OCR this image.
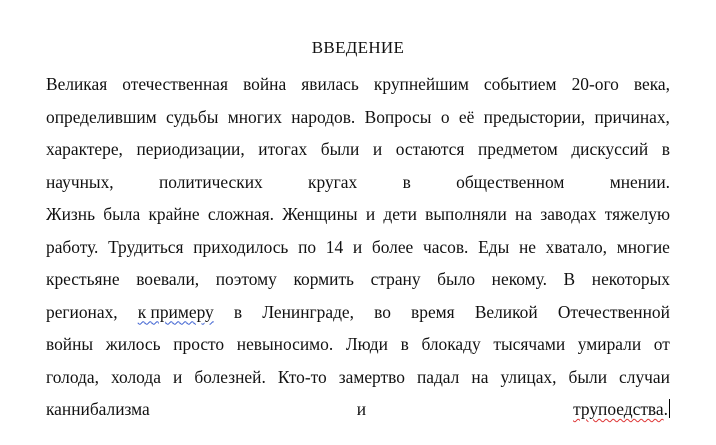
ВВЕДЕНИЕ
Великая отечественная война явилась крупнейшим событием 20-ого века,
определившим судьбы многих народов. Вопросы о её предыстории, причинах,
характере, периодизации, итогах были и остаются предметом дискуссий в
научных,	политических	кругах	в	общественном	мнении.
Жизнь была крайне сложная. Женщины и дети выполняли на заводах тяжелую
работу. Трудиться приходилось по 14 и более часов. Еды не хватало, многие
крестьяне воевали, поэтому кормить страну было некому. В некоторых
регионах, к примеру в Ленинграде, во время Великой Отечественной
войны жилось просто невыносимо. Люди в блокаду тысячами умирали от
голода, холода и болезней. Кто-то замертво падал на улицах, были случаи
каннибализма	и	трупоедства.
